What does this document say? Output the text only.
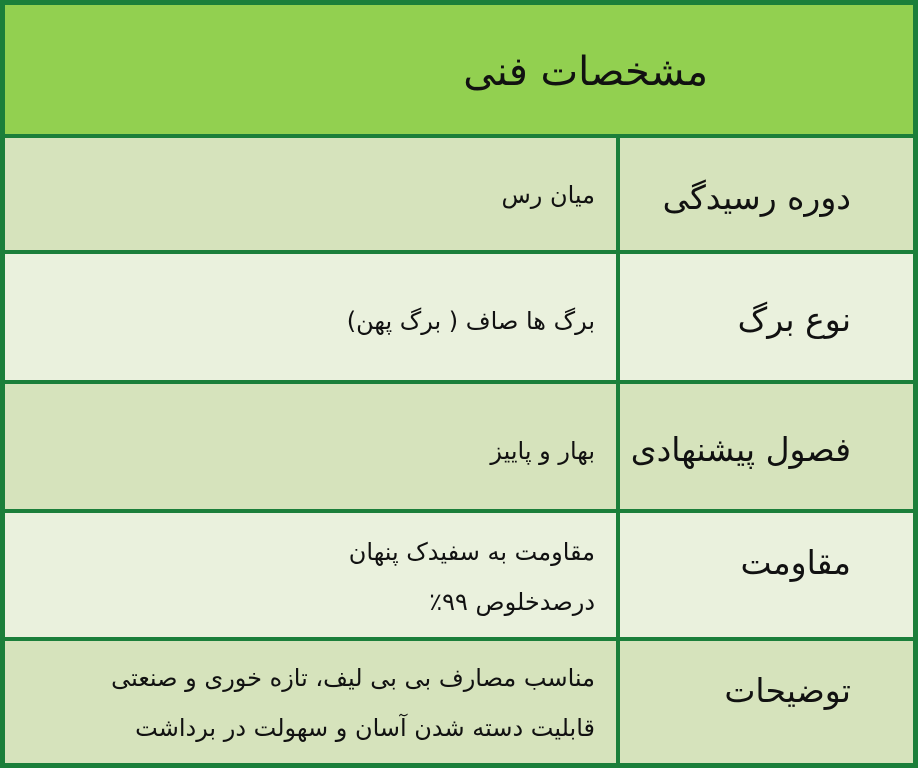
مشخصات فنی
دوره رسیدگی
میان رس
نوع برگ
برگ ها صاف ( برگ پهن)
فصول پیشنهادی
بهار و پاییز
مقاومت
مقاومت به سفیدک پنهان
درصدخلوص ۹۹٪
توضیحات
مناسب مصارف بی بی لیف، تازه خوری و صنعتی
قابلیت دسته شدن آسان و سهولت در برداشت
